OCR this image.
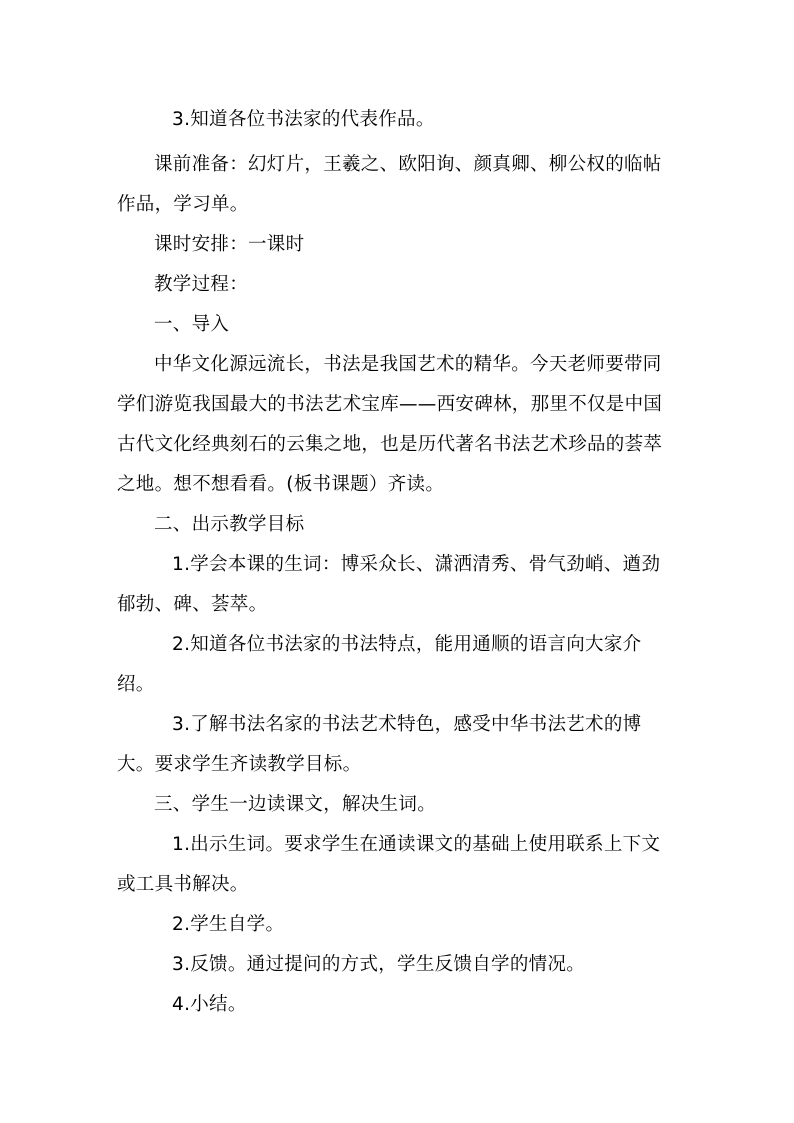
3.知道各位书法家的代表作品。

课前准备：幻灯片，王羲之、欧阳询、颜真卿、柳公权的临帖作品，学习单。

课时安排：一课时

教学过程：

一、导入

中华文化源远流长，书法是我国艺术的精华。今天老师要带同学们游览我国最大的书法艺术宝库——西安碑林，那里不仅是中国古代文化经典刻石的云集之地，也是历代著名书法艺术珍品的荟萃之地。想不想看看。(板书课题）齐读。

二、出示教学目标

1.学会本课的生词：博采众长、潇洒清秀、骨气劲峭、遒劲郁勃、碑、荟萃。

2.知道各位书法家的书法特点，能用通顺的语言向大家介绍。

3.了解书法名家的书法艺术特色，感受中华书法艺术的博大。要求学生齐读教学目标。

三、学生一边读课文，解决生词。

1.出示生词。要求学生在通读课文的基础上使用联系上下文或工具书解决。

2.学生自学。

3.反馈。通过提问的方式，学生反馈自学的情况。

4.小结。
